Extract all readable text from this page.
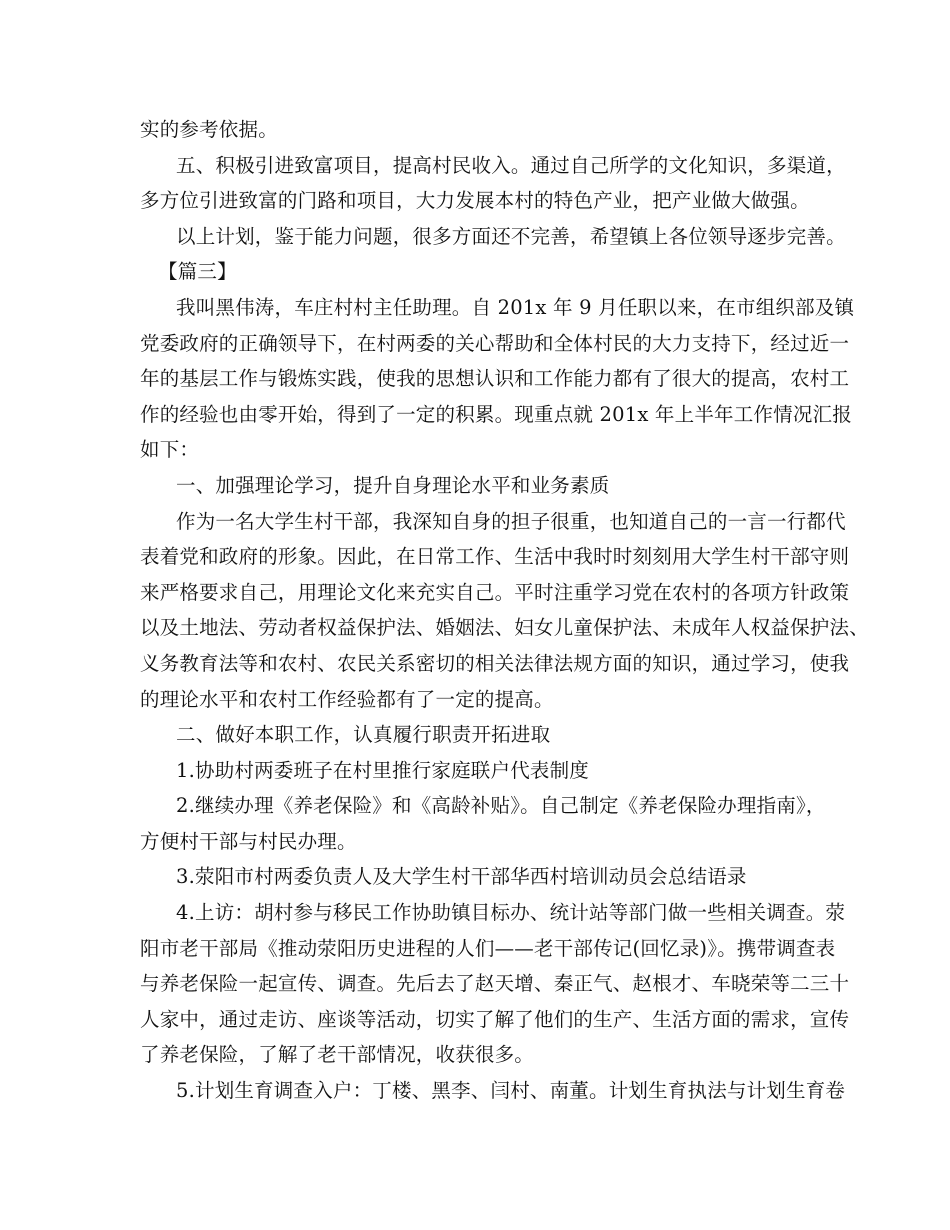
实的参考依据。
五、积极引进致富项目，提高村民收入。通过自己所学的文化知识，多渠道，
多方位引进致富的门路和项目，大力发展本村的特色产业，把产业做大做强。
以上计划，鉴于能力问题，很多方面还不完善，希望镇上各位领导逐步完善。
【篇三】
我叫黑伟涛，车庄村村主任助理。自 201x 年 9 月任职以来，在市组织部及镇
党委政府的正确领导下，在村两委的关心帮助和全体村民的大力支持下，经过近一
年的基层工作与锻炼实践，使我的思想认识和工作能力都有了很大的提高，农村工
作的经验也由零开始，得到了一定的积累。现重点就 201x 年上半年工作情况汇报
如下：
一、加强理论学习，提升自身理论水平和业务素质
作为一名大学生村干部，我深知自身的担子很重，也知道自己的一言一行都代
表着党和政府的形象。因此，在日常工作、生活中我时时刻刻用大学生村干部守则
来严格要求自己，用理论文化来充实自己。平时注重学习党在农村的各项方针政策
以及土地法、劳动者权益保护法、婚姻法、妇女儿童保护法、未成年人权益保护法、
义务教育法等和农村、农民关系密切的相关法律法规方面的知识，通过学习，使我
的理论水平和农村工作经验都有了一定的提高。
二、做好本职工作，认真履行职责开拓进取
1.协助村两委班子在村里推行家庭联户代表制度
2.继续办理《养老保险》和《高龄补贴》。自己制定《养老保险办理指南》，
方便村干部与村民办理。
3.荥阳市村两委负责人及大学生村干部华西村培训动员会总结语录
4.上访：胡村参与移民工作协助镇目标办、统计站等部门做一些相关调查。荥
阳市老干部局《推动荥阳历史进程的人们——老干部传记(回忆录)》。携带调查表
与养老保险一起宣传、调查。先后去了赵天增、秦正气、赵根才、车晓荣等二三十
人家中，通过走访、座谈等活动，切实了解了他们的生产、生活方面的需求，宣传
了养老保险，了解了老干部情况，收获很多。
5.计划生育调查入户：丁楼、黑李、闫村、南董。计划生育执法与计划生育卷
